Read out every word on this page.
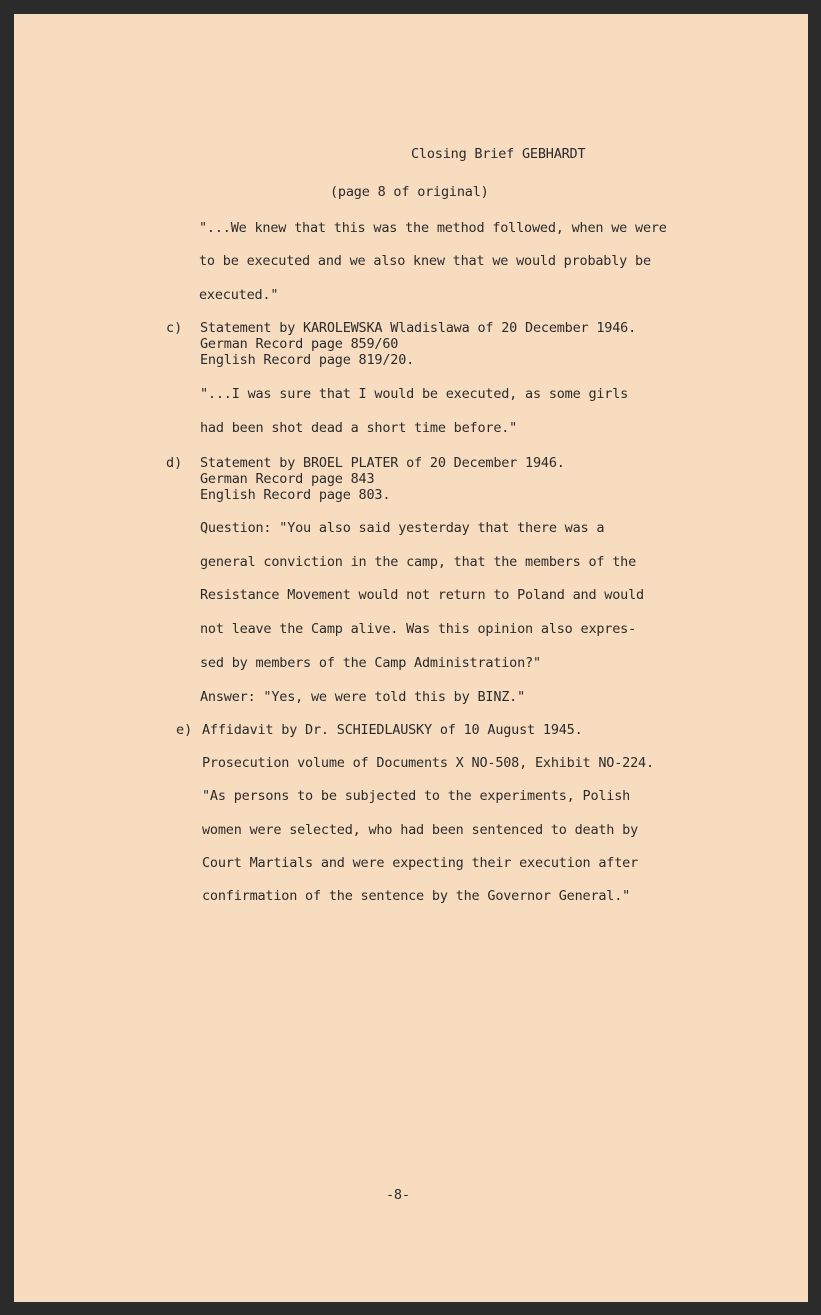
Closing Brief GEBHARDT
(page 8 of original)
"...We knew that this was the method followed, when we were
to be executed and we also knew that we would probably be
executed."
c) Statement by KAROLEWSKA Wladislawa of 20 December 1946.
German Record page 859/60
English Record page 819/20.
"...I was sure that I would be executed, as some girls
had been shot dead a short time before."
d) Statement by BROEL PLATER of 20 December 1946.
German Record page 843
English Record page 803.
Question: "You also said yesterday that there was a
general conviction in the camp, that the members of the
Resistance Movement would not return to Poland and would
not leave the Camp alive. Was this opinion also expres-
sed by members of the Camp Administration?"
Answer: "Yes, we were told this by BINZ."
e) Affidavit by Dr. SCHIEDLAUSKY of 10 August 1945.
Prosecution volume of Documents X NO-508, Exhibit NO-224.
"As persons to be subjected to the experiments, Polish
women were selected, who had been sentenced to death by
Court Martials and were expecting their execution after
confirmation of the sentence by the Governor General."
-8-
